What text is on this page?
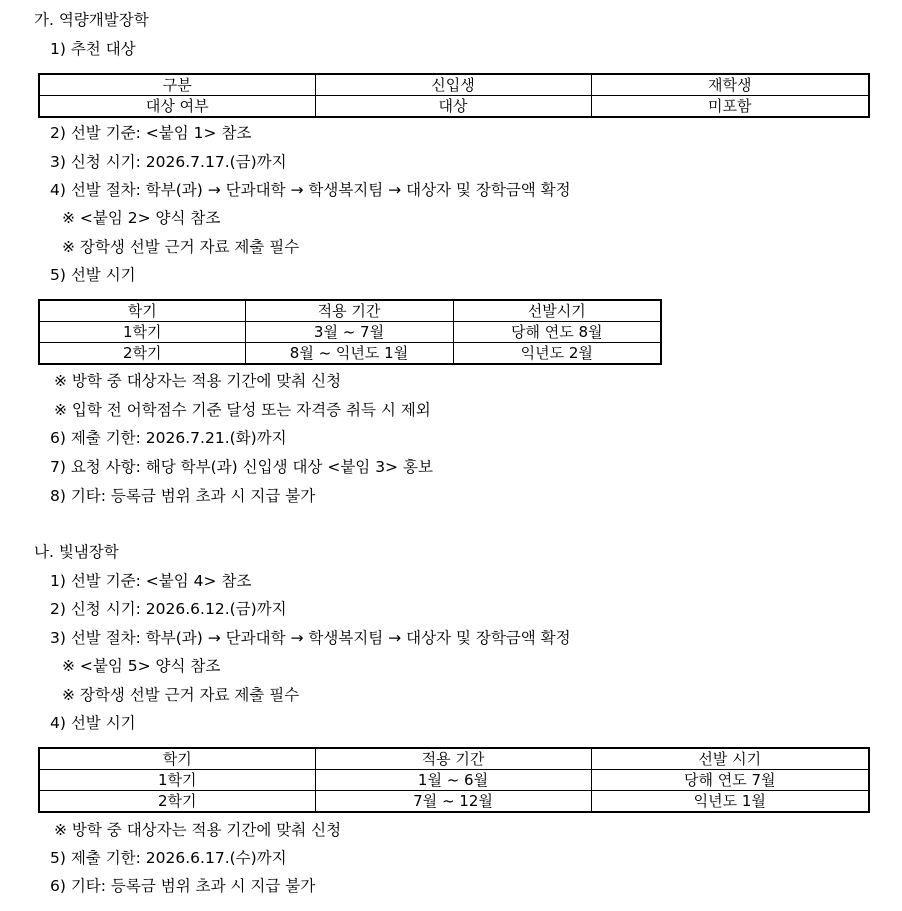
가. 역량개발장학
1) 추천 대상
구분	신입생	재학생
대상 여부	대상	미포함
2) 선발 기준: <붙임 1> 참조
3) 신청 시기: 2026.7.17.(금)까지
4) 선발 절차: 학부(과) → 단과대학 → 학생복지팀 → 대상자 및 장학금액 확정
※ <붙임 2> 양식 참조
※ 장학생 선발 근거 자료 제출 필수
5) 선발 시기
학기	적용 기간	선발시기
1학기	3월 ~ 7월	당해 연도 8월
2학기	8월 ~ 익년도 1월	익년도 2월
※ 방학 중 대상자는 적용 기간에 맞춰 신청
※ 입학 전 어학점수 기준 달성 또는 자격증 취득 시 제외
6) 제출 기한: 2026.7.21.(화)까지
7) 요청 사항: 해당 학부(과) 신입생 대상 <붙임 3> 홍보
8) 기타: 등록금 범위 초과 시 지급 불가
나. 빛냄장학
1) 선발 기준: <붙임 4> 참조
2) 신청 시기: 2026.6.12.(금)까지
3) 선발 절차: 학부(과) → 단과대학 → 학생복지팀 → 대상자 및 장학금액 확정
※ <붙임 5> 양식 참조
※ 장학생 선발 근거 자료 제출 필수
4) 선발 시기
학기	적용 기간	선발 시기
1학기	1월 ~ 6월	당해 연도 7월
2학기	7월 ~ 12월	익년도 1월
※ 방학 중 대상자는 적용 기간에 맞춰 신청
5) 제출 기한: 2026.6.17.(수)까지
6) 기타: 등록금 범위 초과 시 지급 불가
